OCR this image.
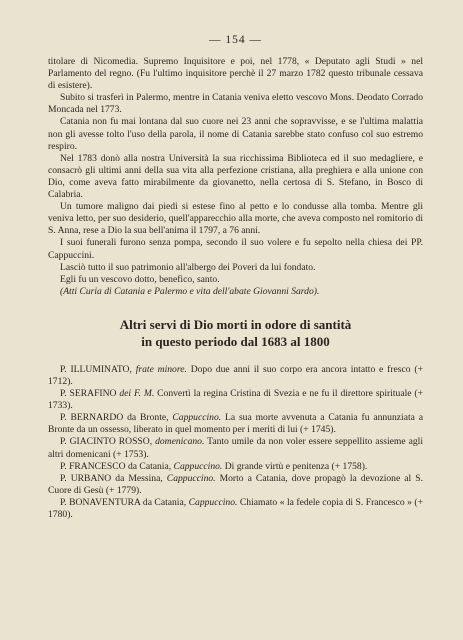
— 154 —

titolare di Nicomedia. Supremo Inquisitore e poi, nel 1778, « Deputato agli Studi » nel Parlamento del regno. (Fu l'ultimo inquisitore perchè il 27 marzo 1782 questo tribunale cessava di esistere).

Subito si trasferì in Palermo, mentre in Catania veniva eletto vescovo Mons. Deodato Corrado Moncada nel 1773.

Catania non fu mai lontana dal suo cuore nei 23 anni che sopravvisse, e se l'ultima malattia non gli avesse tolto l'uso della parola, il nome di Catania sarebbe stato confuso col suo estremo respiro.

Nel 1783 donò alla nostra Università la sua ricchissima Biblioteca ed il suo medagliere, e consacrò gli ultimi anni della sua vita alla perfezione cristiana, alla preghiera e alla unione con Dio, come aveva fatto mirabilmente da giovanetto, nella certosa di S. Stefano, in Bosco di Calabria.

Un tumore maligno dai piedi si estese fino al petto e lo condusse alla tomba. Mentre gli veniva letto, per suo desiderio, quell'apparecchio alla morte, che aveva composto nel romitorio di S. Anna, rese a Dio la sua bell'anima il 1797, a 76 anni.

I suoi funerali furono senza pompa, secondo il suo volere e fu sepolto nella chiesa dei PP. Cappuccini.

Lasciò tutto il suo patrimonio all'albergo dei Poveri da lui fondato.

Egli fu un vescovo dotto, benefico, santo.

(Atti Curia di Catania e Palermo e vita dell'abate Giovanni Sardo).

Altri servi di Dio morti in odore di santità
in questo periodo dal 1683 al 1800

P. ILLUMINATO, frate minore. Dopo due anni il suo corpo era ancora intatto e fresco (+ 1712).

P. SERAFINO dei F. M. Convertì la regina Cristina di Svezia e ne fu il direttore spirituale (+ 1733).

P. BERNARDO da Bronte, Cappuccino. La sua morte avvenuta a Catania fu annunziata a Bronte da un ossesso, liberato in quel momento per i meriti di lui (+ 1745).

P. GIACINTO ROSSO, domenicano. Tanto umile da non voler essere seppellito assieme agli altri domenicani (+ 1753).

P. FRANCESCO da Catania, Cappuccino. Di grande virtù e penitenza (+ 1758).

P. URBANO da Messina, Cappuccino. Morto a Catania, dove propagò la devozione al S. Cuore di Gesù (+ 1779).

P. BONAVENTURA da Catania, Cappuccino. Chiamato « la fedele copia di S. Francesco » (+ 1780).
